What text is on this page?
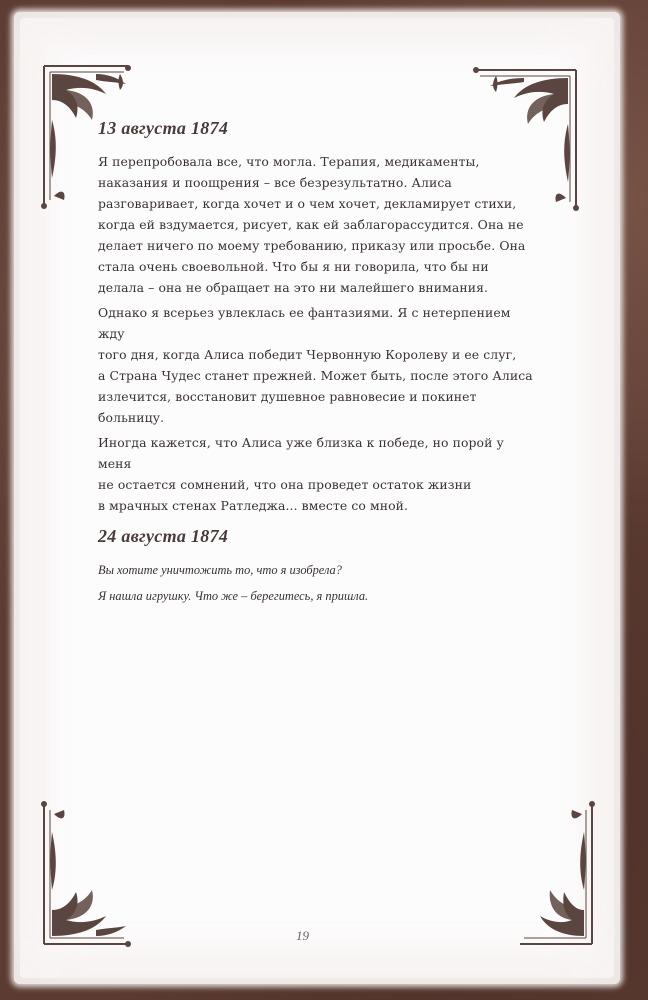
13 августа 1874

Я перепробовала все, что могла. Терапия, медикаменты,
наказания и поощрения – все безрезультатно. Алиса
разговаривает, когда хочет и о чем хочет, декламирует стихи,
когда ей вздумается, рисует, как ей заблагорассудится. Она не
делает ничего по моему требованию, приказу или просьбе. Она
стала очень своевольной. Что бы я ни говорила, что бы ни
делала – она не обращает на это ни малейшего внимания.

Однако я всерьез увлеклась ее фантазиями. Я с нетерпением жду
того дня, когда Алиса победит Червонную Королеву и ее слуг,
а Страна Чудес станет прежней. Может быть, после этого Алиса
излечится, восстановит душевное равновесие и покинет
больницу.

Иногда кажется, что Алиса уже близка к победе, но порой у меня
не остается сомнений, что она проведет остаток жизни
в мрачных стенах Ратледжа... вместе со мной.

24 августа 1874

Вы хотите уничтожить то, что я изобрела?

Я нашла игрушку. Что же – берегитесь, я пришла.

19
